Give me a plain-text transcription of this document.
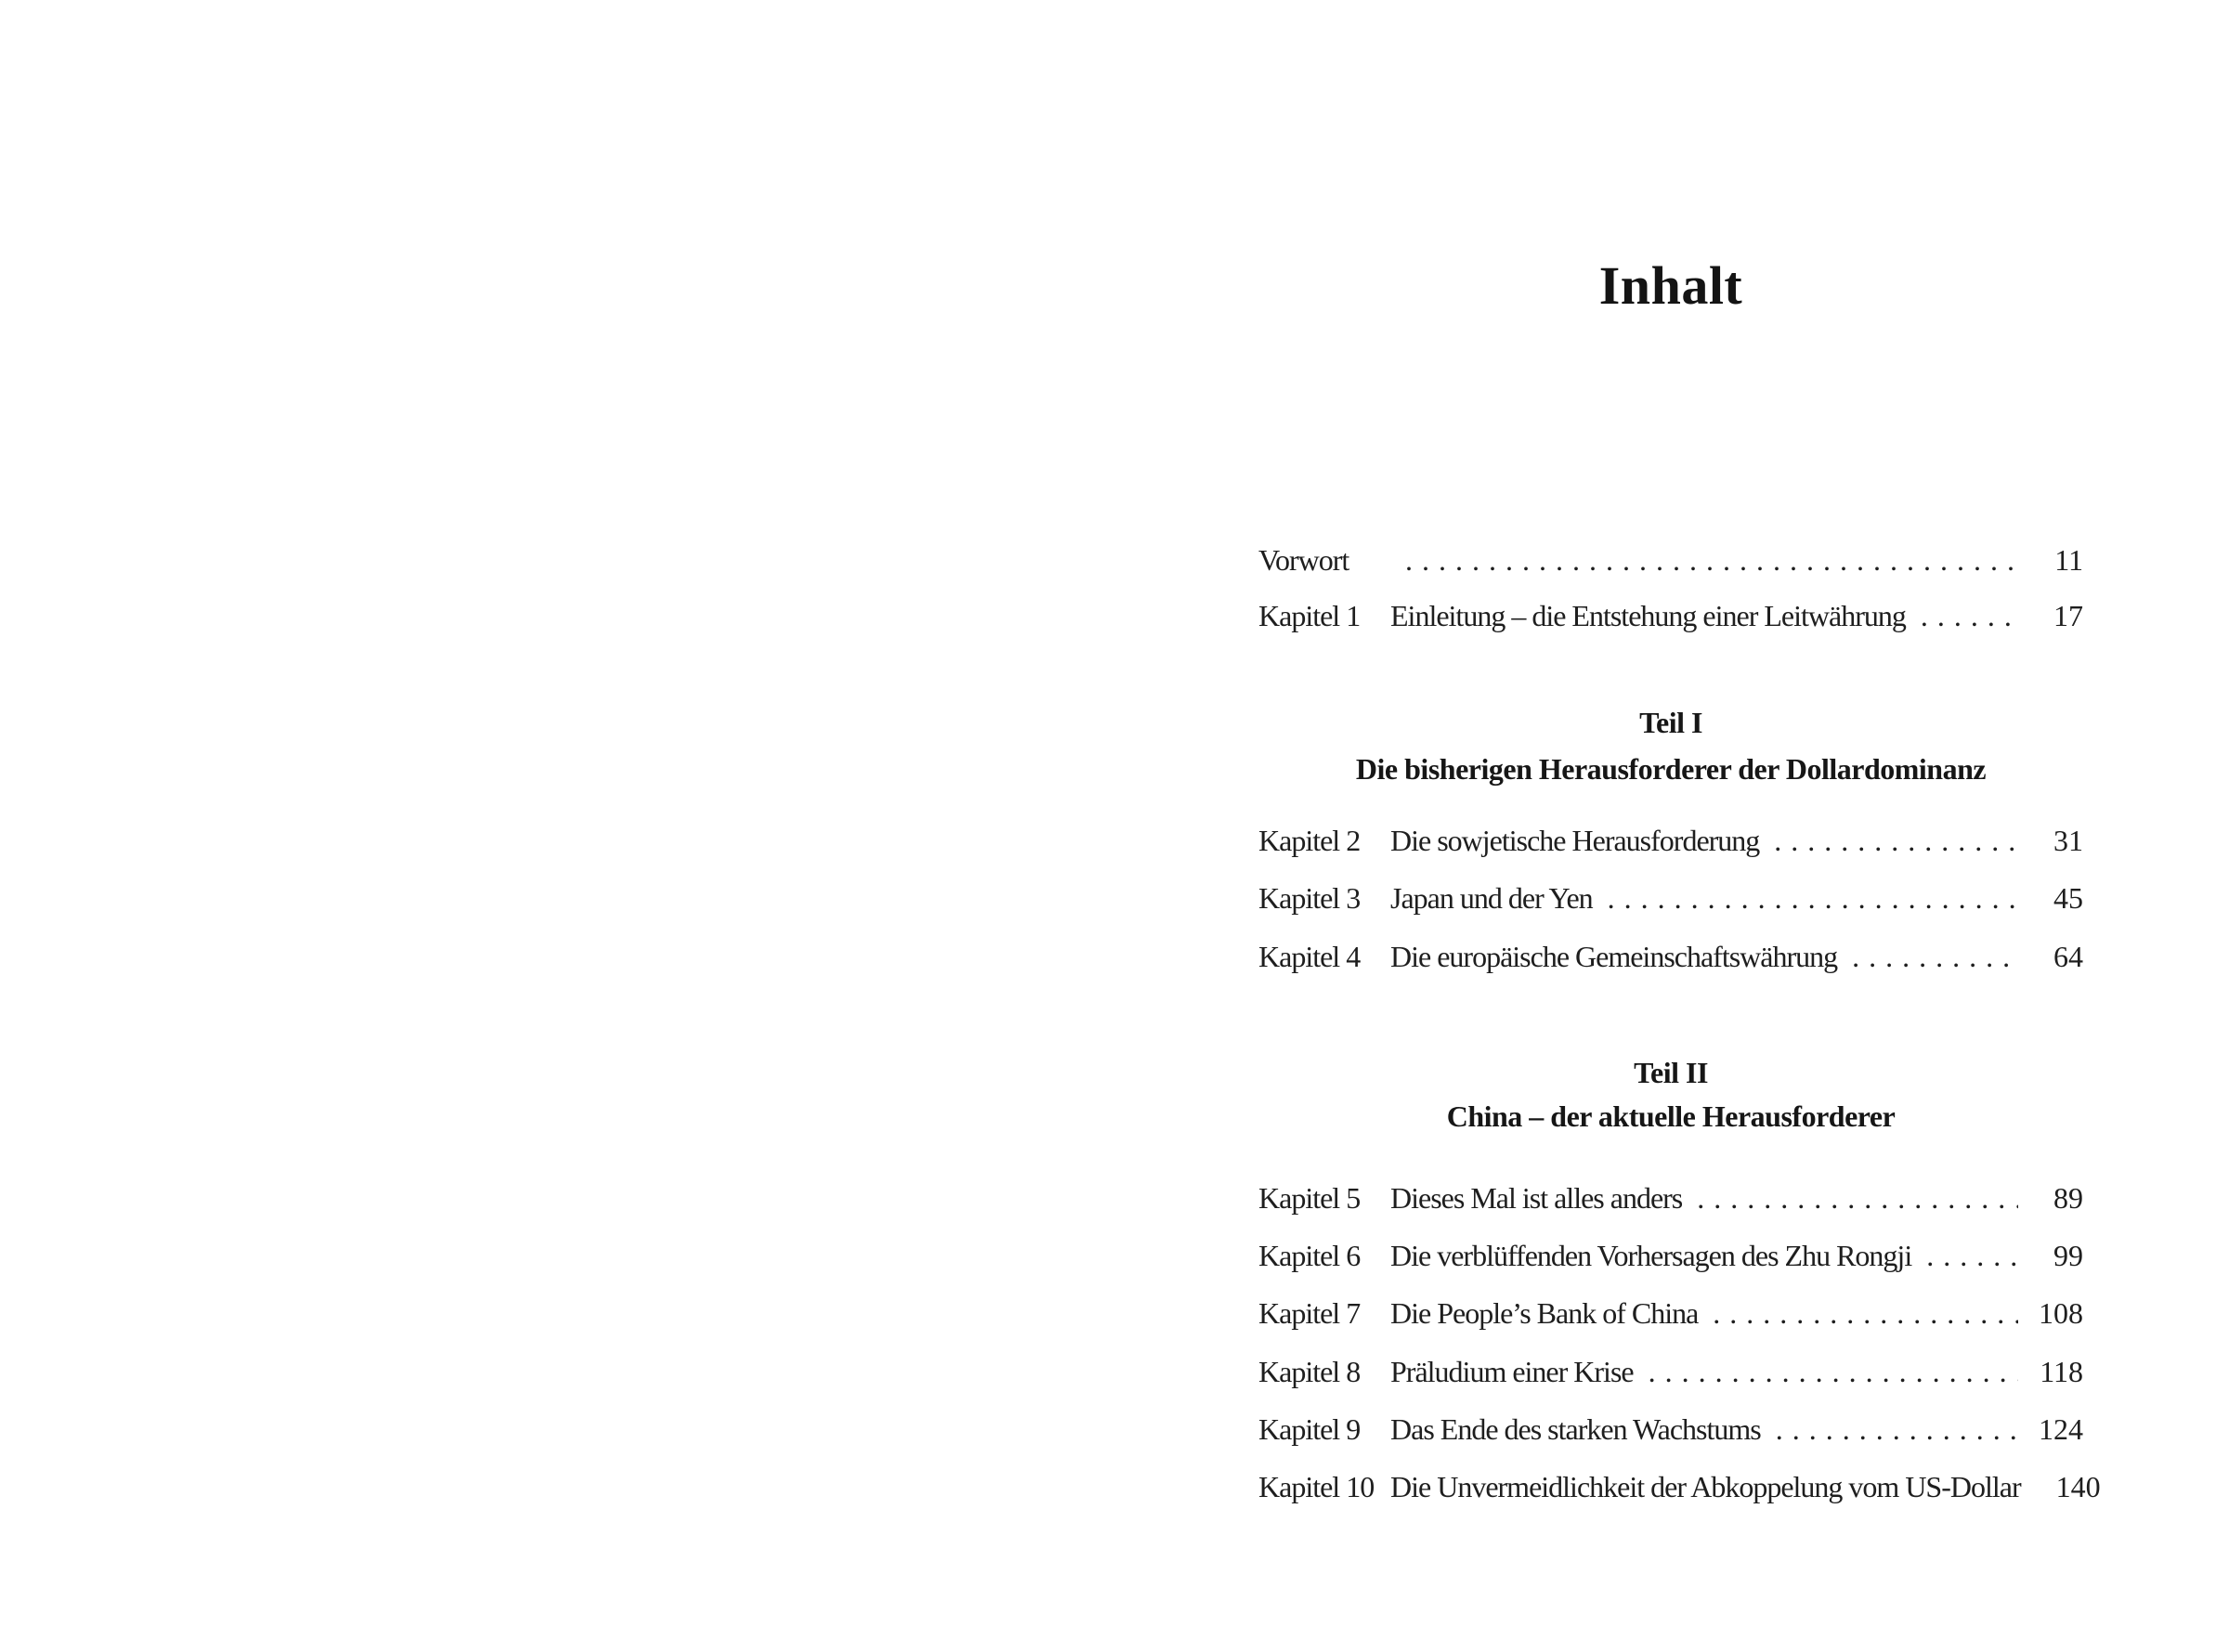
Inhalt
Vorwort . . .	11
Kapitel 1	Einleitung – die Entstehung einer Leitwährung . . .	17
Teil I
Die bisherigen Herausforderer der Dollardominanz
Kapitel 2	Die sowjetische Herausforderung . . .	31
Kapitel 3	Japan und der Yen . . .	45
Kapitel 4	Die europäische Gemeinschaftswährung . . .	64
Teil II
China – der aktuelle Herausforderer
Kapitel 5	Dieses Mal ist alles anders . . .	89
Kapitel 6	Die verblüffenden Vorhersagen des Zhu Rongji . . .	99
Kapitel 7	Die People’s Bank of China . . .	108
Kapitel 8	Präludium einer Krise . . .	118
Kapitel 9	Das Ende des starken Wachstums . . .	124
Kapitel 10 Die Unvermeidlichkeit der Abkoppelung vom US-Dollar 140
